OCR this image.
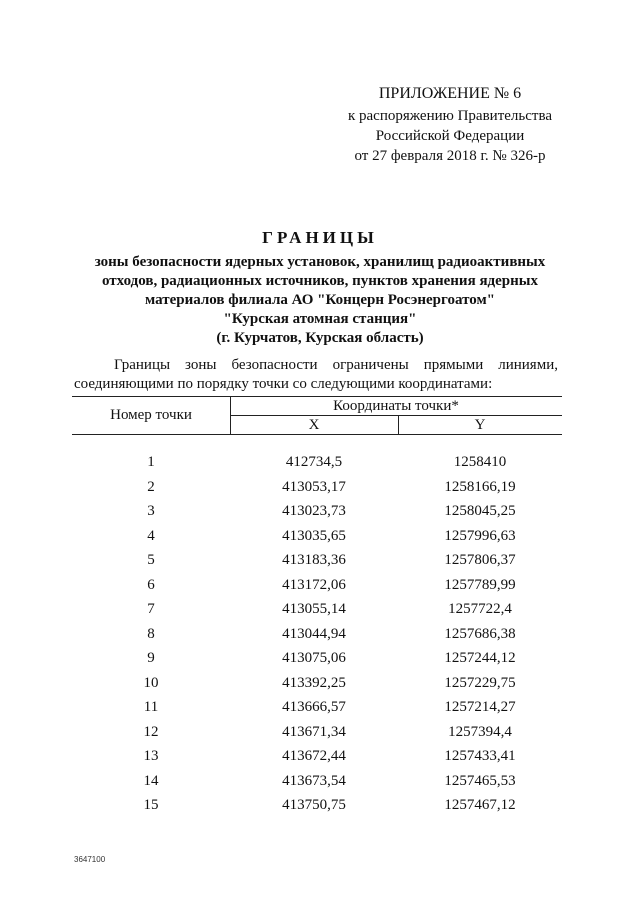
ПРИЛОЖЕНИЕ № 6
к распоряжению Правительства
Российской Федерации
от 27 февраля 2018 г. № 326-р
ГРАНИЦЫ
зоны безопасности ядерных установок, хранилищ радиоактивных
отходов, радиационных источников, пунктов хранения ядерных
материалов филиала АО "Концерн Росэнергоатом"
"Курская атомная станция"
(г. Курчатов, Курская область)
Границы зоны безопасности ограничены прямыми линиями,
соединяющими по порядку точки со следующими координатами:
Номер точки
Координаты точки*
X	Y
1	412734,5	1258410
2	413053,17	1258166,19
3	413023,73	1258045,25
4	413035,65	1257996,63
5	413183,36	1257806,37
6	413172,06	1257789,99
7	413055,14	1257722,4
8	413044,94	1257686,38
9	413075,06	1257244,12
10	413392,25	1257229,75
11	413666,57	1257214,27
12	413671,34	1257394,4
13	413672,44	1257433,41
14	413673,54	1257465,53
15	413750,75	1257467,12
3647100
